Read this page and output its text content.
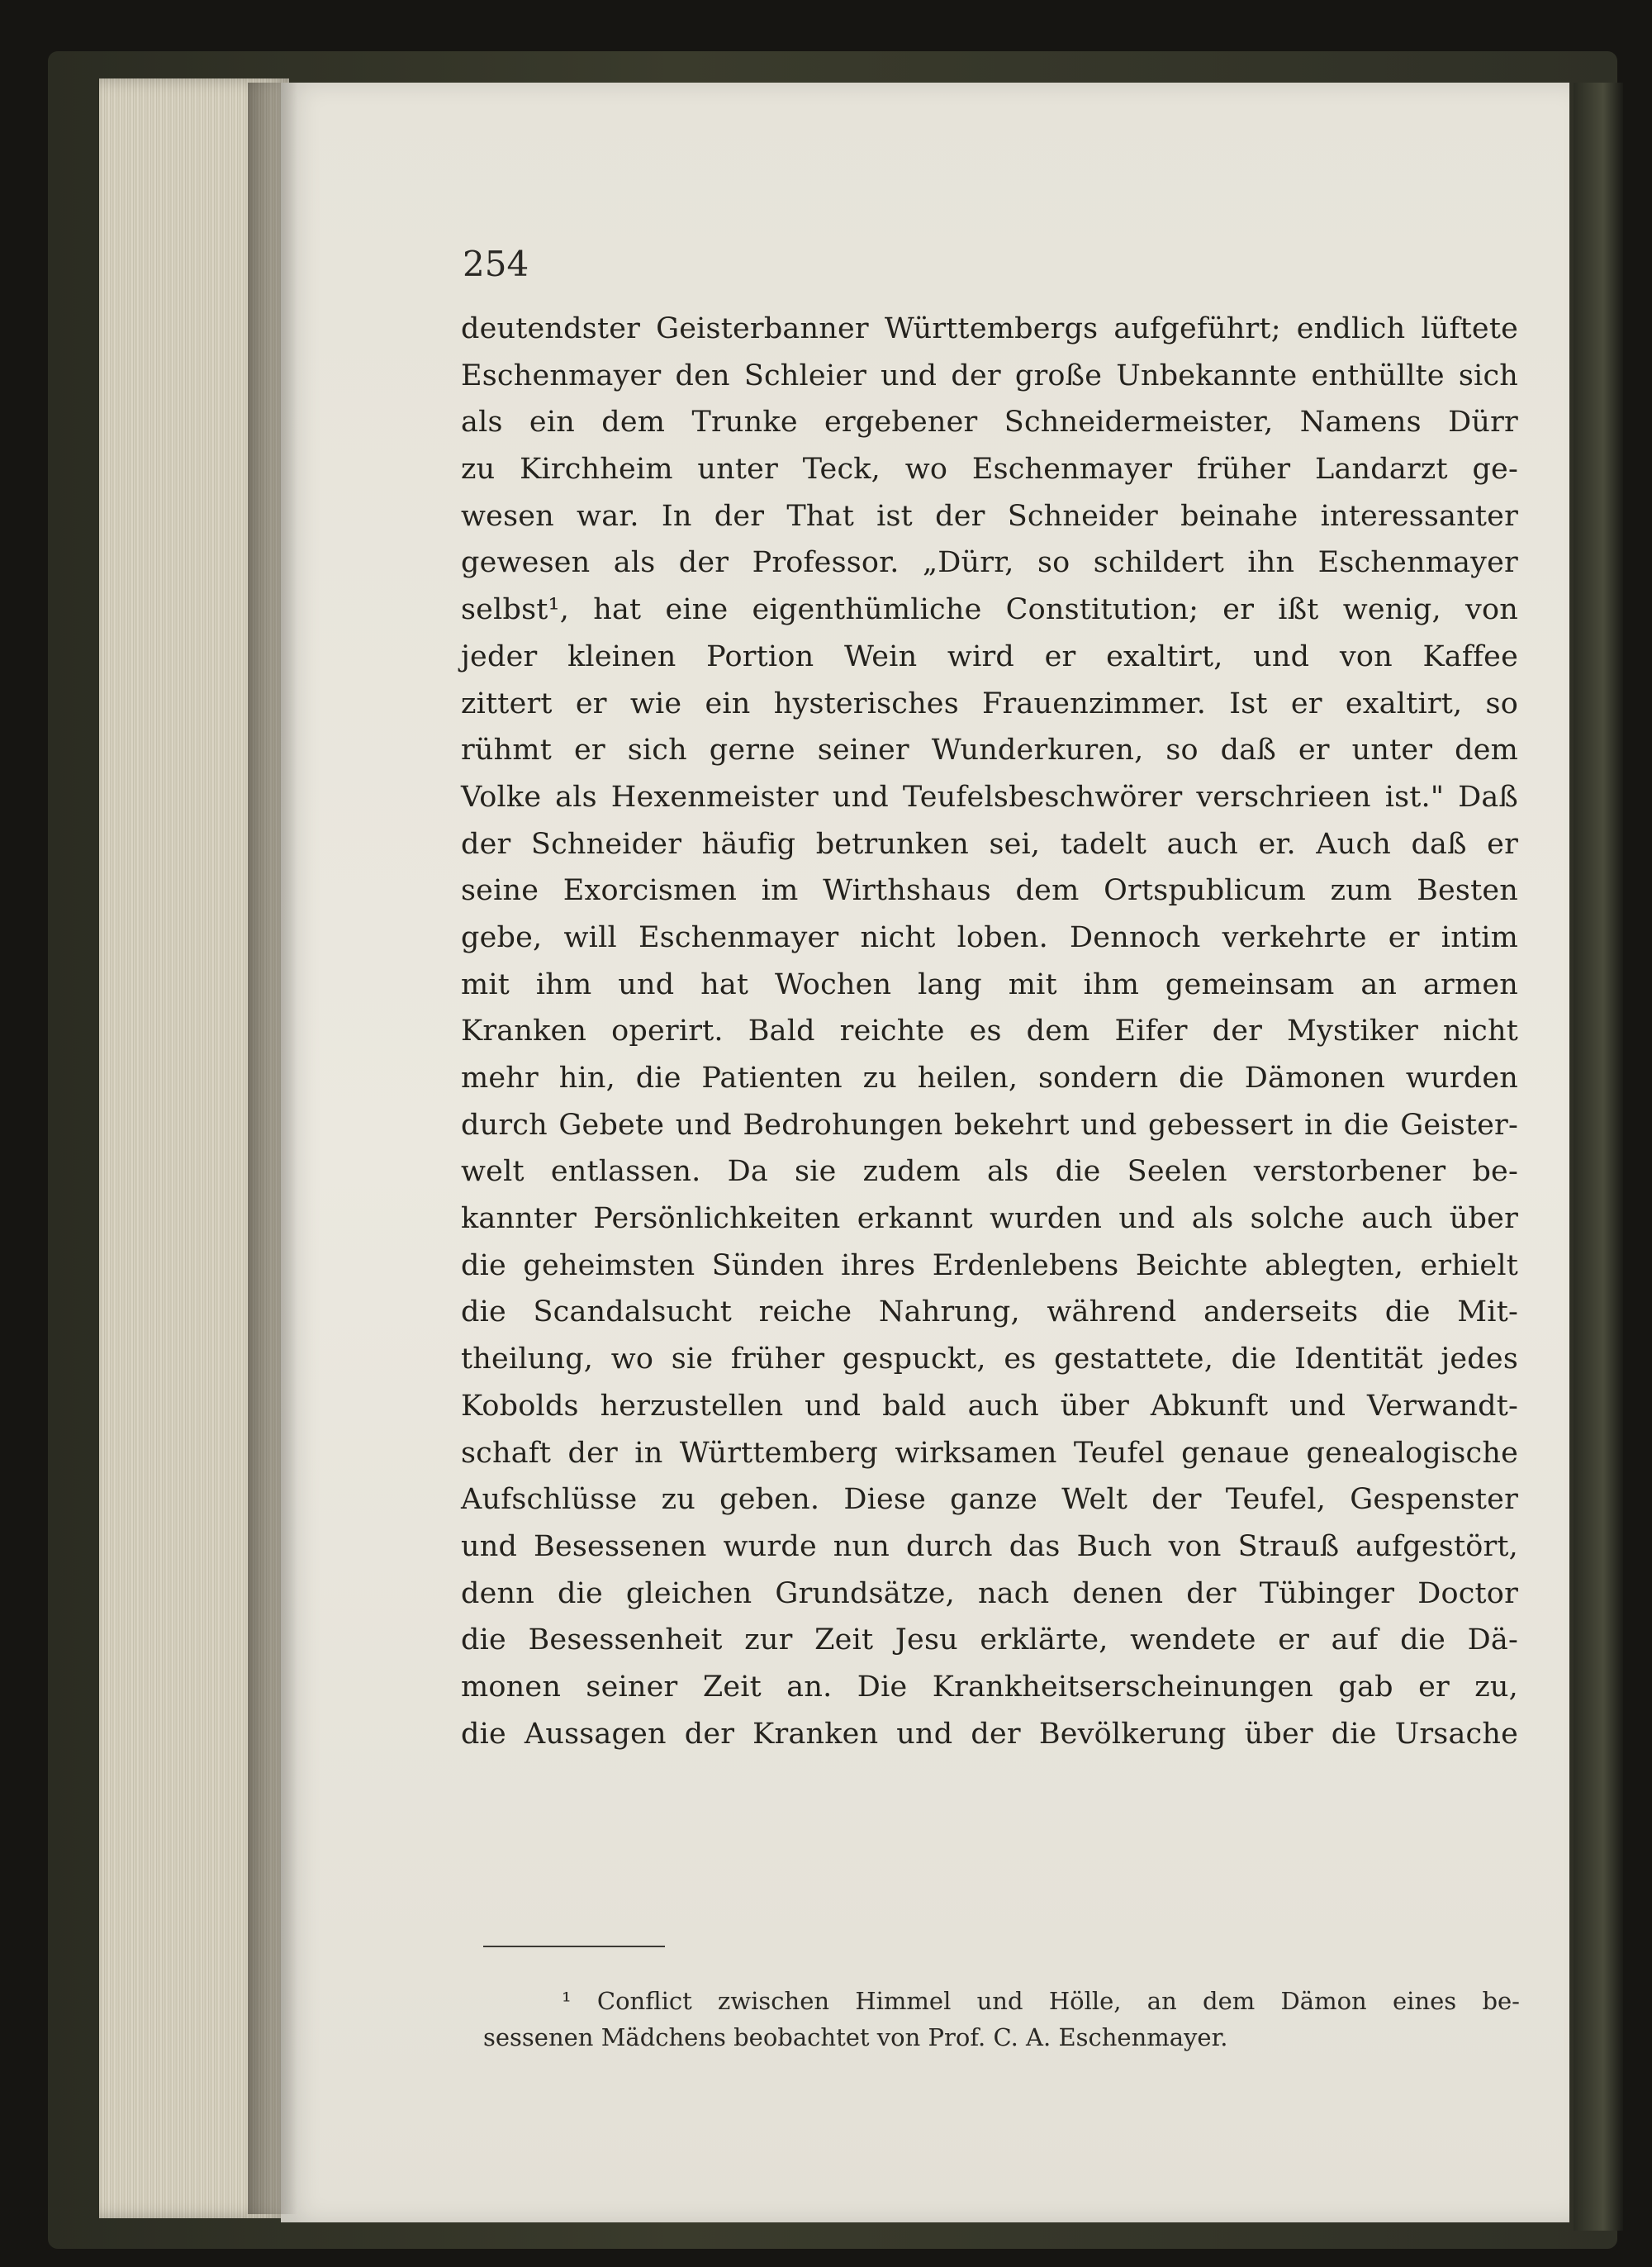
254

deutendster Geisterbanner Württembergs aufgeführt; endlich lüftete
Eschenmayer den Schleier und der große Unbekannte enthüllte sich
als ein dem Trunke ergebener Schneidermeister, Namens Dürr
zu Kirchheim unter Teck, wo Eschenmayer früher Landarzt ge-
wesen war. In der That ist der Schneider beinahe interessanter
gewesen als der Professor. „Dürr, so schildert ihn Eschenmayer
selbst¹, hat eine eigenthümliche Constitution; er ißt wenig, von
jeder kleinen Portion Wein wird er exaltirt, und von Kaffee
zittert er wie ein hysterisches Frauenzimmer. Ist er exaltirt, so
rühmt er sich gerne seiner Wunderkuren, so daß er unter dem
Volke als Hexenmeister und Teufelsbeschwörer verschrieen ist." Daß
der Schneider häufig betrunken sei, tadelt auch er. Auch daß er
seine Exorcismen im Wirthshaus dem Ortspublicum zum Besten
gebe, will Eschenmayer nicht loben. Dennoch verkehrte er intim
mit ihm und hat Wochen lang mit ihm gemeinsam an armen
Kranken operirt. Bald reichte es dem Eifer der Mystiker nicht
mehr hin, die Patienten zu heilen, sondern die Dämonen wurden
durch Gebete und Bedrohungen bekehrt und gebessert in die Geister-
welt entlassen. Da sie zudem als die Seelen verstorbener be-
kannter Persönlichkeiten erkannt wurden und als solche auch über
die geheimsten Sünden ihres Erdenlebens Beichte ablegten, erhielt
die Scandalsucht reiche Nahrung, während anderseits die Mit-
theilung, wo sie früher gespuckt, es gestattete, die Identität jedes
Kobolds herzustellen und bald auch über Abkunft und Verwandt-
schaft der in Württemberg wirksamen Teufel genaue genealogische
Aufschlüsse zu geben. Diese ganze Welt der Teufel, Gespenster
und Besessenen wurde nun durch das Buch von Strauß aufgestört,
denn die gleichen Grundsätze, nach denen der Tübinger Doctor
die Besessenheit zur Zeit Jesu erklärte, wendete er auf die Dä-
monen seiner Zeit an. Die Krankheitserscheinungen gab er zu,
die Aussagen der Kranken und der Bevölkerung über die Ursache
¹ Conflict zwischen Himmel und Hölle, an dem Dämon eines be-
sessenen Mädchens beobachtet von Prof. C. A. Eschenmayer.
